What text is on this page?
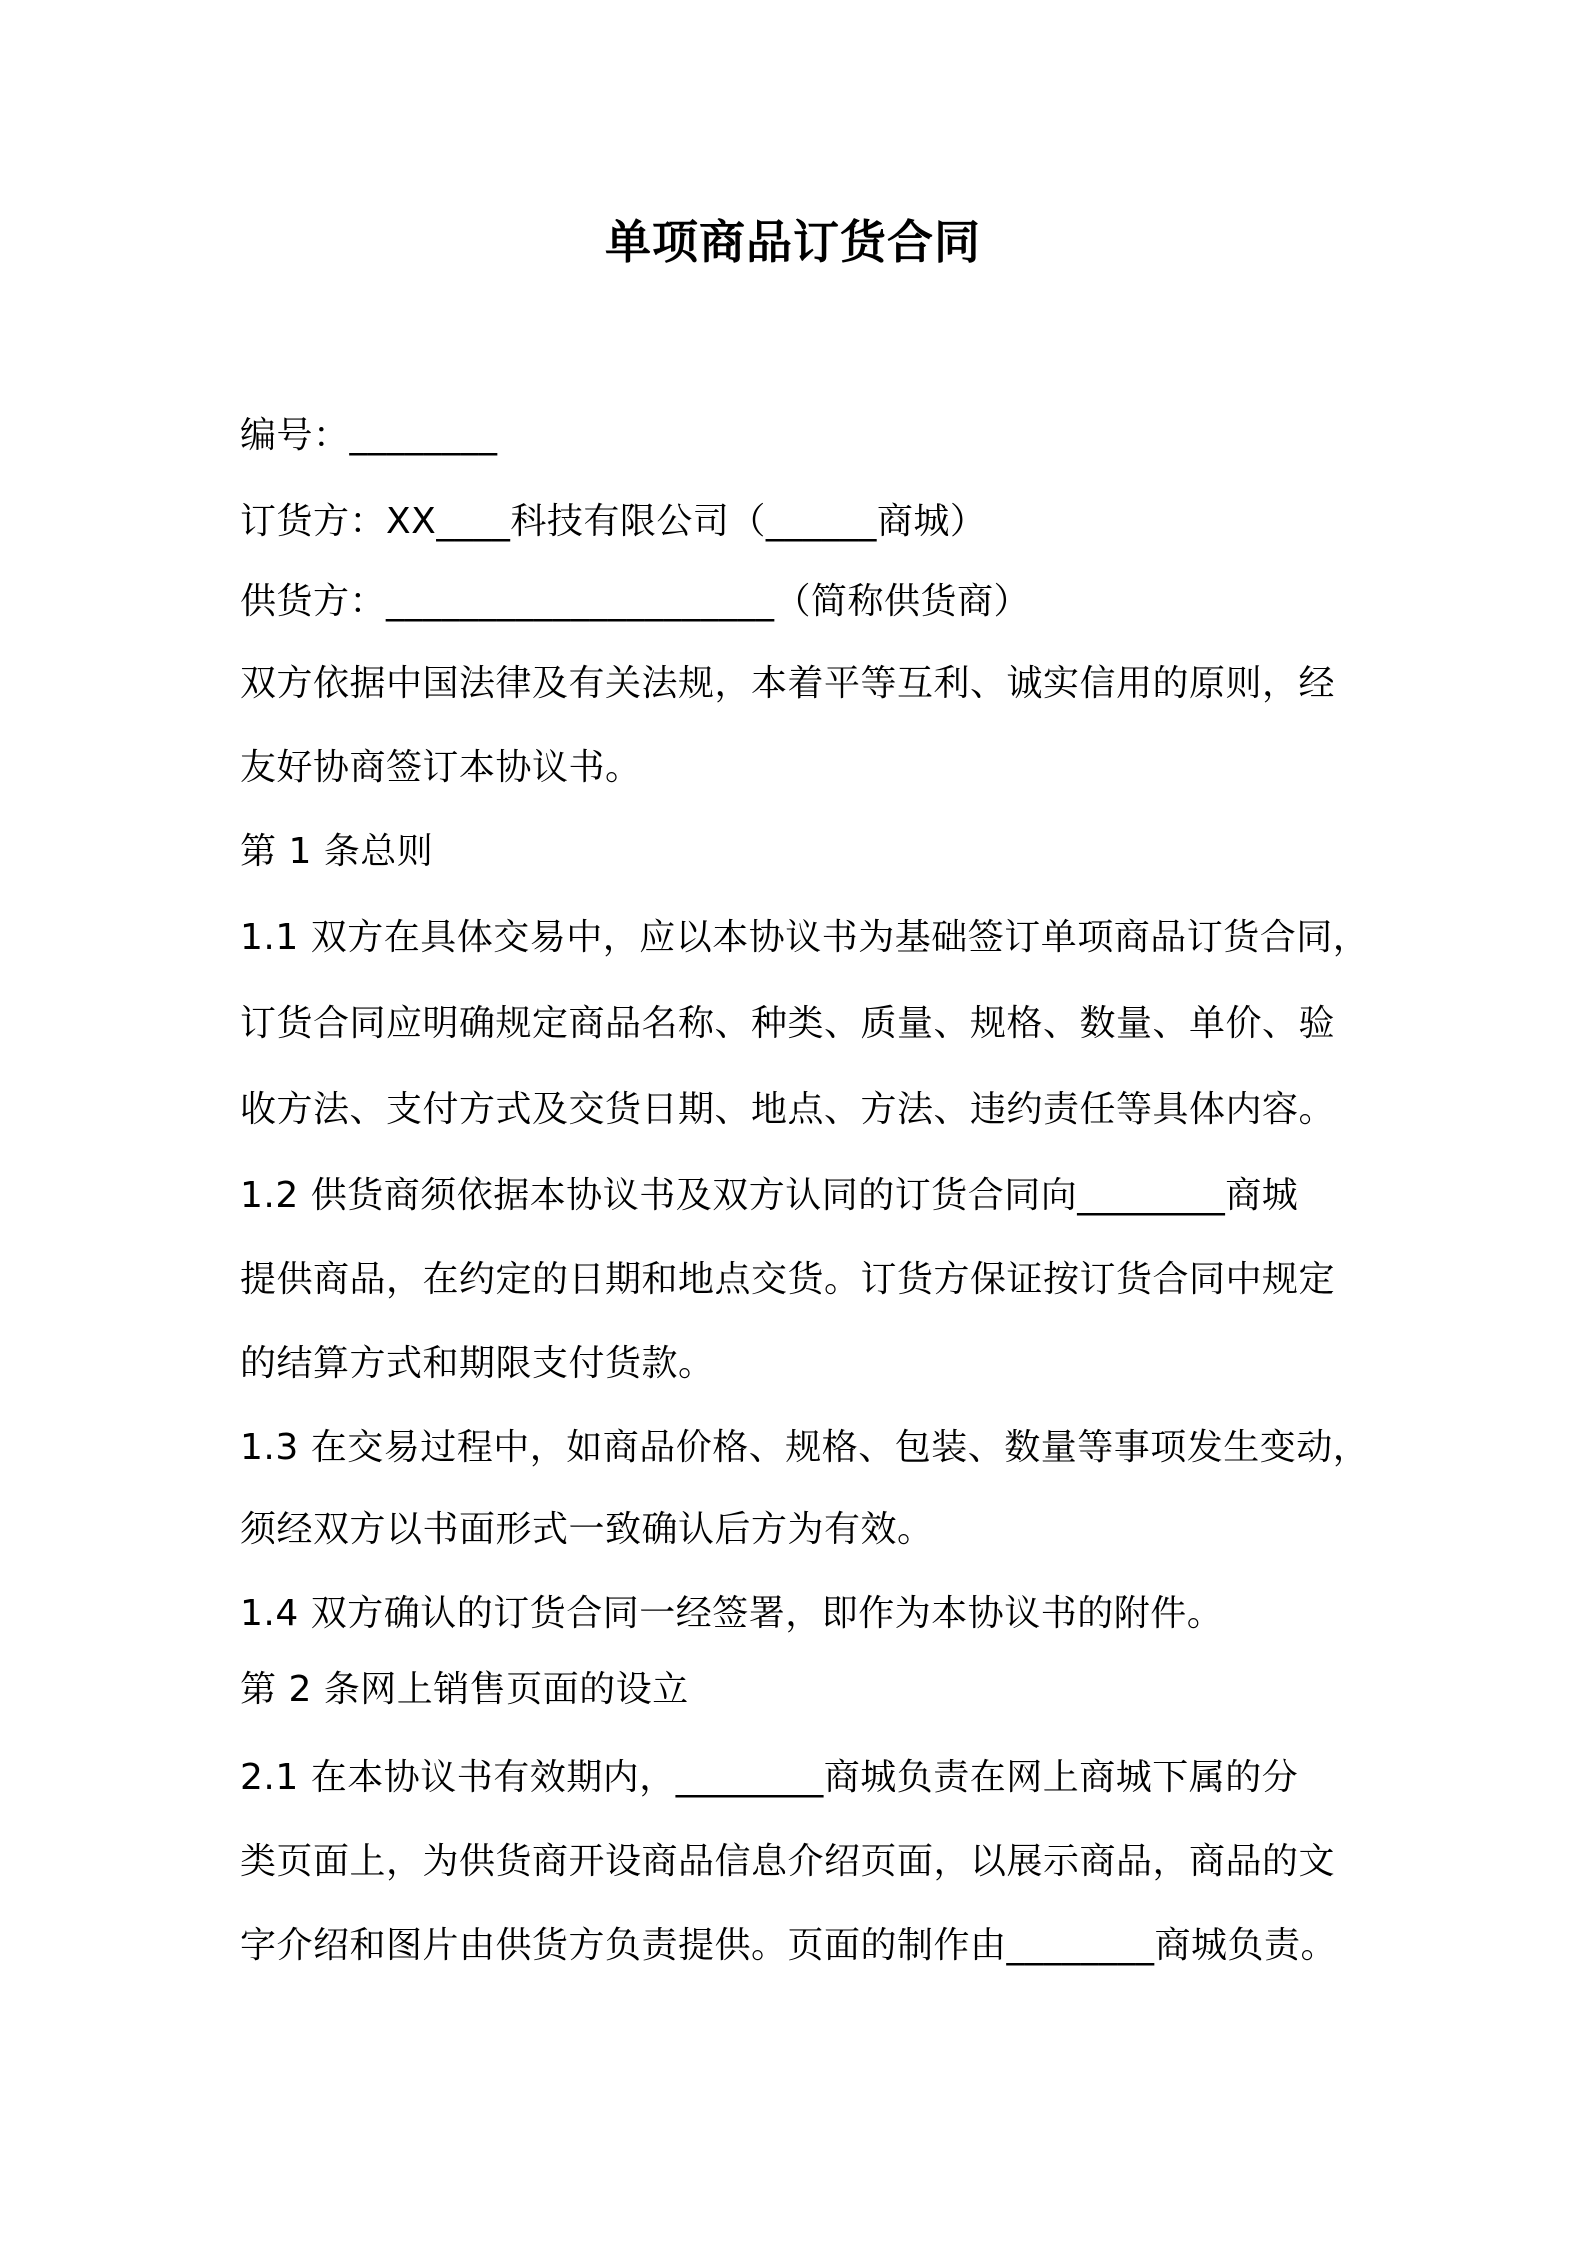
单项商品订货合同
编号：________
订货方：XX____科技有限公司（______商城）
供货方：_____________________（简称供货商）
双方依据中国法律及有关法规，本着平等互利、诚实信用的原则，经
友好协商签订本协议书。
第 1 条总则
1.1 双方在具体交易中，应以本协议书为基础签订单项商品订货合同，
订货合同应明确规定商品名称、种类、质量、规格、数量、单价、验
收方法、支付方式及交货日期、地点、方法、违约责任等具体内容。
1.2 供货商须依据本协议书及双方认同的订货合同向________商城
提供商品，在约定的日期和地点交货。订货方保证按订货合同中规定
的结算方式和期限支付货款。
1.3 在交易过程中，如商品价格、规格、包装、数量等事项发生变动，
须经双方以书面形式一致确认后方为有效。
1.4 双方确认的订货合同一经签署，即作为本协议书的附件。
第 2 条网上销售页面的设立
2.1 在本协议书有效期内，________商城负责在网上商城下属的分
类页面上，为供货商开设商品信息介绍页面，以展示商品，商品的文
字介绍和图片由供货方负责提供。页面的制作由________商城负责。
